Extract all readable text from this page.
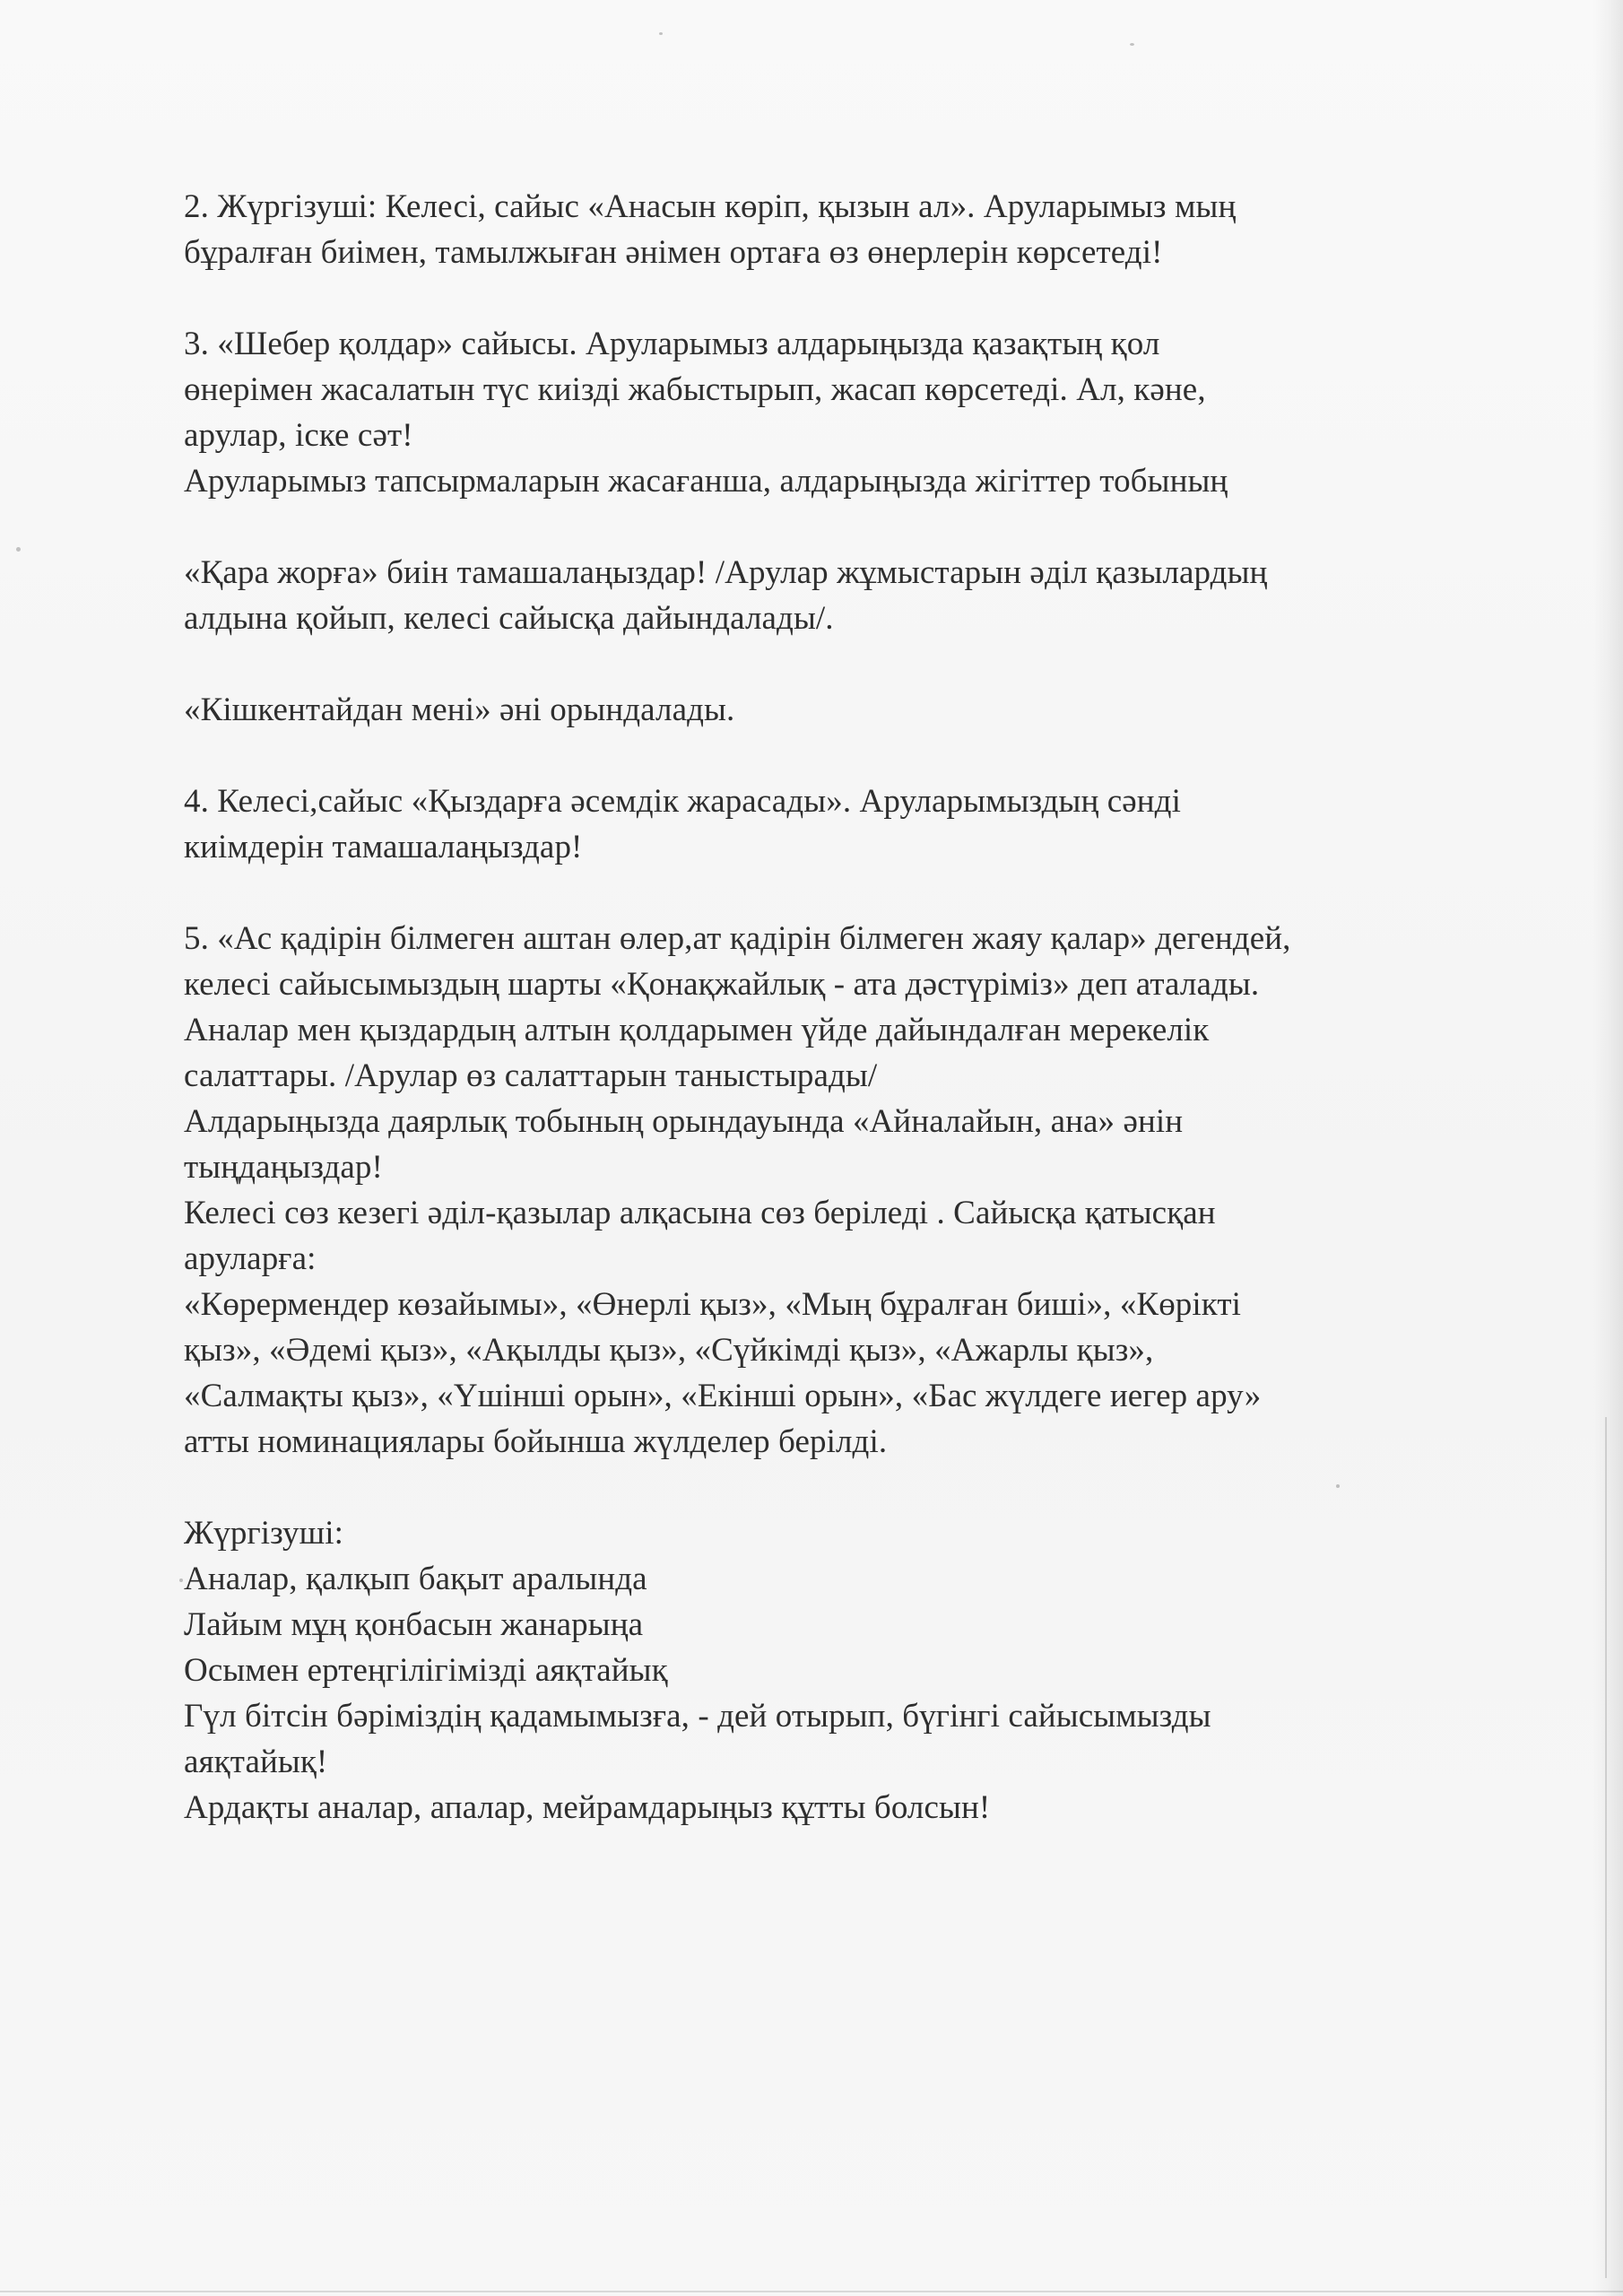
2. Жүргізуші: Келесі, сайыс «Анасын көріп, қызын ал». Аруларымыз мың
бұралған биімен, тамылжыған әнімен ортаға өз өнерлерін көрсетеді!
3. «Шебер қолдар» сайысы. Аруларымыз алдарыңызда қазақтың қол
өнерімен жасалатын түс киізді жабыстырып, жасап көрсетеді. Ал, кәне,
арулар, іске сәт!
Аруларымыз тапсырмаларын жасағанша, алдарыңызда жігіттер тобының
«Қара жорға» биін тамашалаңыздар! /Арулар жұмыстарын әділ қазылардың
алдына қойып, келесі сайысқа дайындалады/.
«Кішкентайдан мені» әні орындалады.
4. Келесі,сайыс «Қыздарға әсемдік жарасады». Аруларымыздың сәнді
киімдерін тамашалаңыздар!
5. «Ас қадірін білмеген аштан өлер,ат қадірін білмеген жаяу қалар» дегендей,
келесі сайысымыздың шарты «Қонақжайлық - ата дәстүріміз» деп аталады.
Аналар мен қыздардың алтын қолдарымен үйде дайындалған мерекелік
салаттары. /Арулар өз салаттарын таныстырады/
Алдарыңызда даярлық тобының орындауында «Айналайын, ана» әнін
тыңдаңыздар!
Келесі сөз кезегі әділ-қазылар алқасына сөз беріледі . Сайысқа қатысқан
аруларға:
«Көрермендер көзайымы», «Өнерлі қыз», «Мың бұралған биші», «Көрікті
қыз», «Әдемі қыз», «Ақылды қыз», «Сүйкімді қыз», «Ажарлы қыз»,
«Салмақты қыз», «Үшінші орын», «Екінші орын», «Бас жүлдеге иегер ару»
атты номинациялары бойынша жүлделер берілді.
Жүргізуші:
Аналар, қалқып бақыт аралында
Лайым мұң қонбасын жанарыңа
Осымен ертеңгілігімізді аяқтайық
Гүл бітсін бәріміздің қадамымызға, - дей отырып, бүгінгі сайысымызды
аяқтайық!
Ардақты аналар, апалар, мейрамдарыңыз құтты болсын!
